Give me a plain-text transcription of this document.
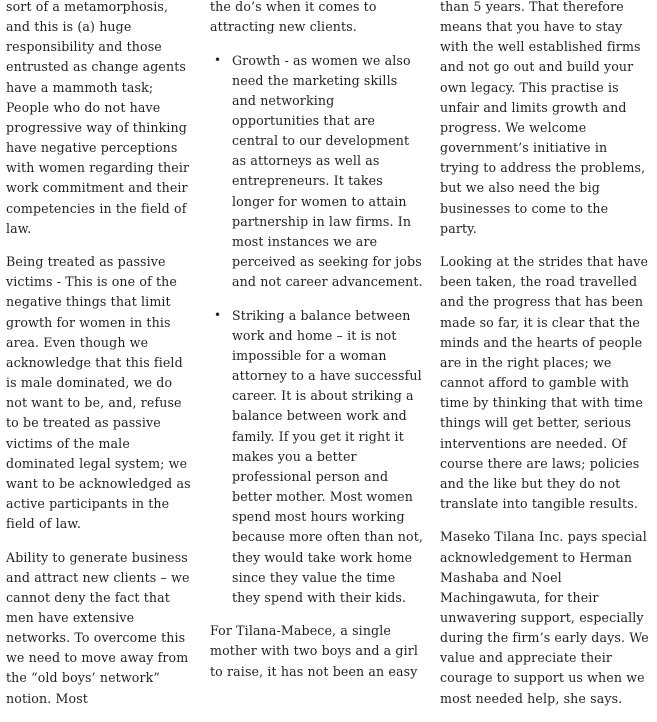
sort of a metamorphosis, and this is (a) huge responsibility and those entrusted as change agents have a mammoth task; People who do not have progressive way of thinking have negative perceptions with women regarding their work commitment and their competencies in the field of law.

Being treated as passive victims - This is one of the negative things that limit growth for women in this area. Even though we acknowledge that this field is male dominated, we do not want to be, and, refuse to be treated as passive victims of the male dominated legal system; we want to be acknowledged as active participants in the field of law.

Ability to generate business and attract new clients – we cannot deny the fact that men have extensive networks. To overcome this we need to move away from the “old boys’ network” notion. Most

the do’s when it comes to attracting new clients.

• Growth - as women we also need the marketing skills and networking opportunities that are central to our development as attorneys as well as entrepreneurs. It takes longer for women to attain partnership in law firms. In most instances we are perceived as seeking for jobs and not career advancement.
• Striking a balance between work and home – it is not impossible for a woman attorney to a have successful career. It is about striking a balance between work and family. If you get it right it makes you a better professional person and better mother. Most women spend most hours working because more often than not, they would take work home since they value the time they spend with their kids.

For Tilana-Mabece, a single mother with two boys and a girl to raise, it has not been an easy

than 5 years. That therefore means that you have to stay with the well established firms and not go out and build your own legacy. This practise is unfair and limits growth and progress. We welcome government’s initiative in trying to address the problems, but we also need the big businesses to come to the party.

Looking at the strides that have been taken, the road travelled and the progress that has been made so far, it is clear that the minds and the hearts of people are in the right places; we cannot afford to gamble with time by thinking that with time things will get better, serious interventions are needed. Of course there are laws; policies and the like but they do not translate into tangible results.

Maseko Tilana Inc. pays special acknowledgement to Herman Mashaba and Noel Machingawuta, for their unwavering support, especially during the firm’s early days. We value and appreciate their courage to support us when we most needed help, she says.
